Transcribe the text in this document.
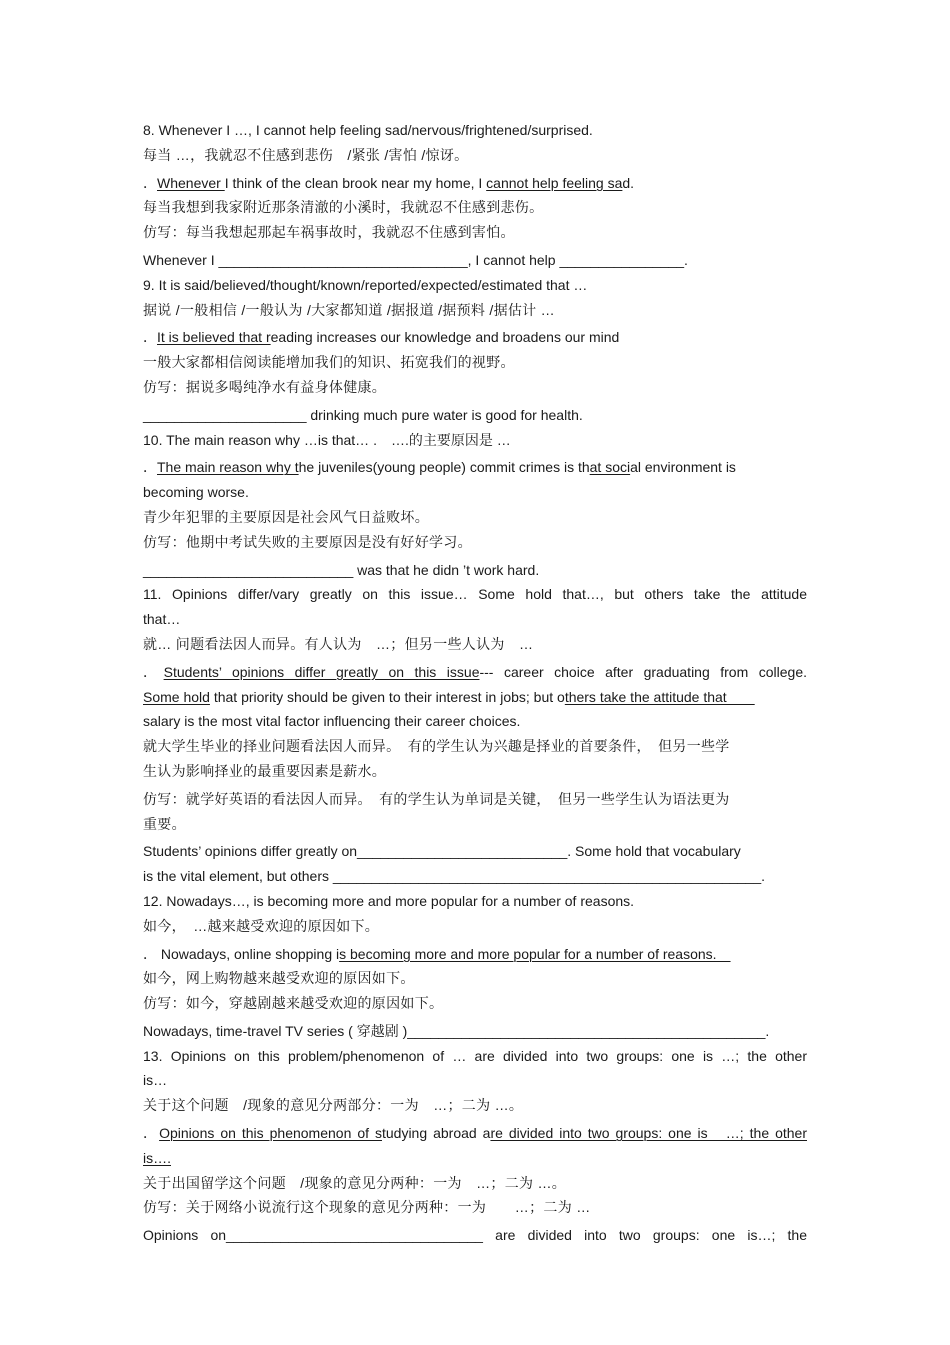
8. Whenever I …, I cannot help feeling sad/nervous/frightened/surprised.
每当 …，我就忍不住感到悲伤　/紧张 /害怕 /惊讶。
．Whenever I think of the clean brook near my home, I cannot help feeling sad.
每当我想到我家附近那条清澈的小溪时，我就忍不住感到悲伤。
仿写：每当我想起那起车祸事故时，我就忍不住感到害怕。
Whenever I ________________________________, I cannot help ________________.
9. It is said/believed/thought/known/reported/expected/estimated that …
据说 /一般相信 /一般认为 /大家都知道 /据报道 /据预料 /据估计 …
．It is believed that reading increases our knowledge and broadens our mind
一般大家都相信阅读能增加我们的知识、拓宽我们的视野。
仿写：据说多喝纯净水有益身体健康。
_____________________ drinking much pure water is good for health.
10. The main reason why …is that… .　….的主要原因是 …
．The main reason why the juveniles(young people) commit crimes is that social environment is
becoming worse.
青少年犯罪的主要原因是社会风气日益败坏。
仿写：他期中考试失败的主要原因是没有好好学习。
___________________________ was that he didn ’t work hard.
11. Opinions differ/vary greatly on this issue… Some hold that…, but others take the attitude
that…
就… 问题看法因人而异。有人认为　…；但另一些人认为　…
．Students’ opinions differ greatly on this issue--- career choice after graduating from college.
Some hold that priority should be given to their interest in jobs; but others take the attitude that　　
salary is the most vital factor influencing their career choices.
就大学生毕业的择业问题看法因人而异。　有的学生认为兴趣是择业的首要条件，　但另一些学
生认为影响择业的最重要因素是薪水。
仿写：就学好英语的看法因人而异。　有的学生认为单词是关键，　但另一些学生认为语法更为
重要。
Students’ opinions differ greatly on___________________________. Some hold that vocabulary
is the vital element, but others _______________________________________________________.
12. Nowadays…, is becoming more and more popular for a number of reasons.
如今，　…越来越受欢迎的原因如下。
． Nowadays, online shopping is becoming more and more popular for a number of reasons.　
如今，网上购物越来越受欢迎的原因如下。
仿写：如今，穿越剧越来越受欢迎的原因如下。
Nowadays, time-travel TV series ( 穿越剧 )______________________________________________.
13. Opinions on this problem/phenomenon of … are divided into two groups: one is …; the other
is…
关于这个问题　/现象的意见分两部分：一为　…；二为 …。
．Opinions on this phenomenon of studying abroad are divided into two groups: one is　…; the other
is….
关于出国留学这个问题　/现象的意见分两种：一为　…；二为 …。
仿写：关于网络小说流行这个现象的意见分两种：一为　　…；二为 …
Opinions on_________________________________ are divided into two groups: one is…; the
